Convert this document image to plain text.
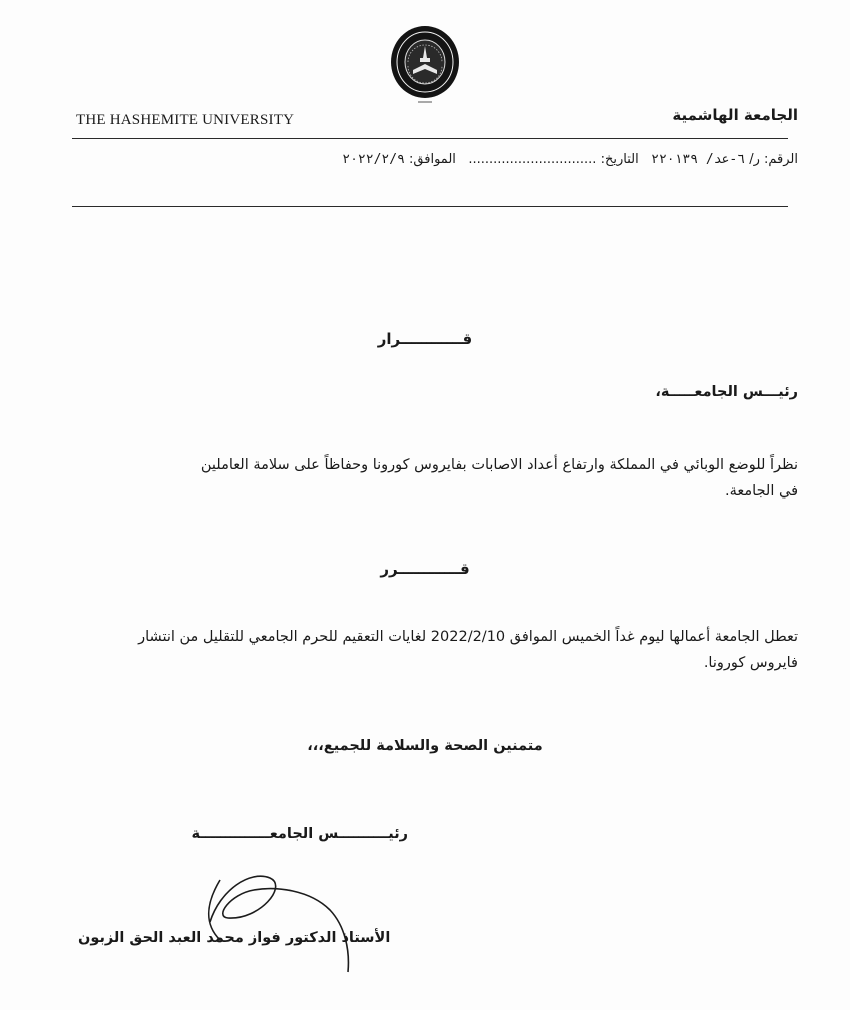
THE HASHEMITE UNIVERSITY	الجامعة الهاشمية
الرقم: ر/ ٦-عد/ ٢٢٠١٣٩   التاريخ: ...............................   الموافق: ٢٠٢٢/٢/٩
قــــــــــــرار
رئيـــس الجامعـــــة،
نظراً للوضع الوبائي في المملكة وارتفاع أعداد الاصابات بفايروس كورونا وحفاظاً على سلامة العاملين
في الجامعة.
قــــــــــــرر
تعطل الجامعة أعمالها ليوم غداً الخميس الموافق 2022/2/10 لغايات التعقيم للحرم الجامعي للتقليل من انتشار
فايروس كورونا.
متمنين الصحة والسلامة للجميع،،،
رئيــــــــــس الجامعــــــــــــــة
الأستاذ الدكتور فواز محمد العبد الحق الزبون
